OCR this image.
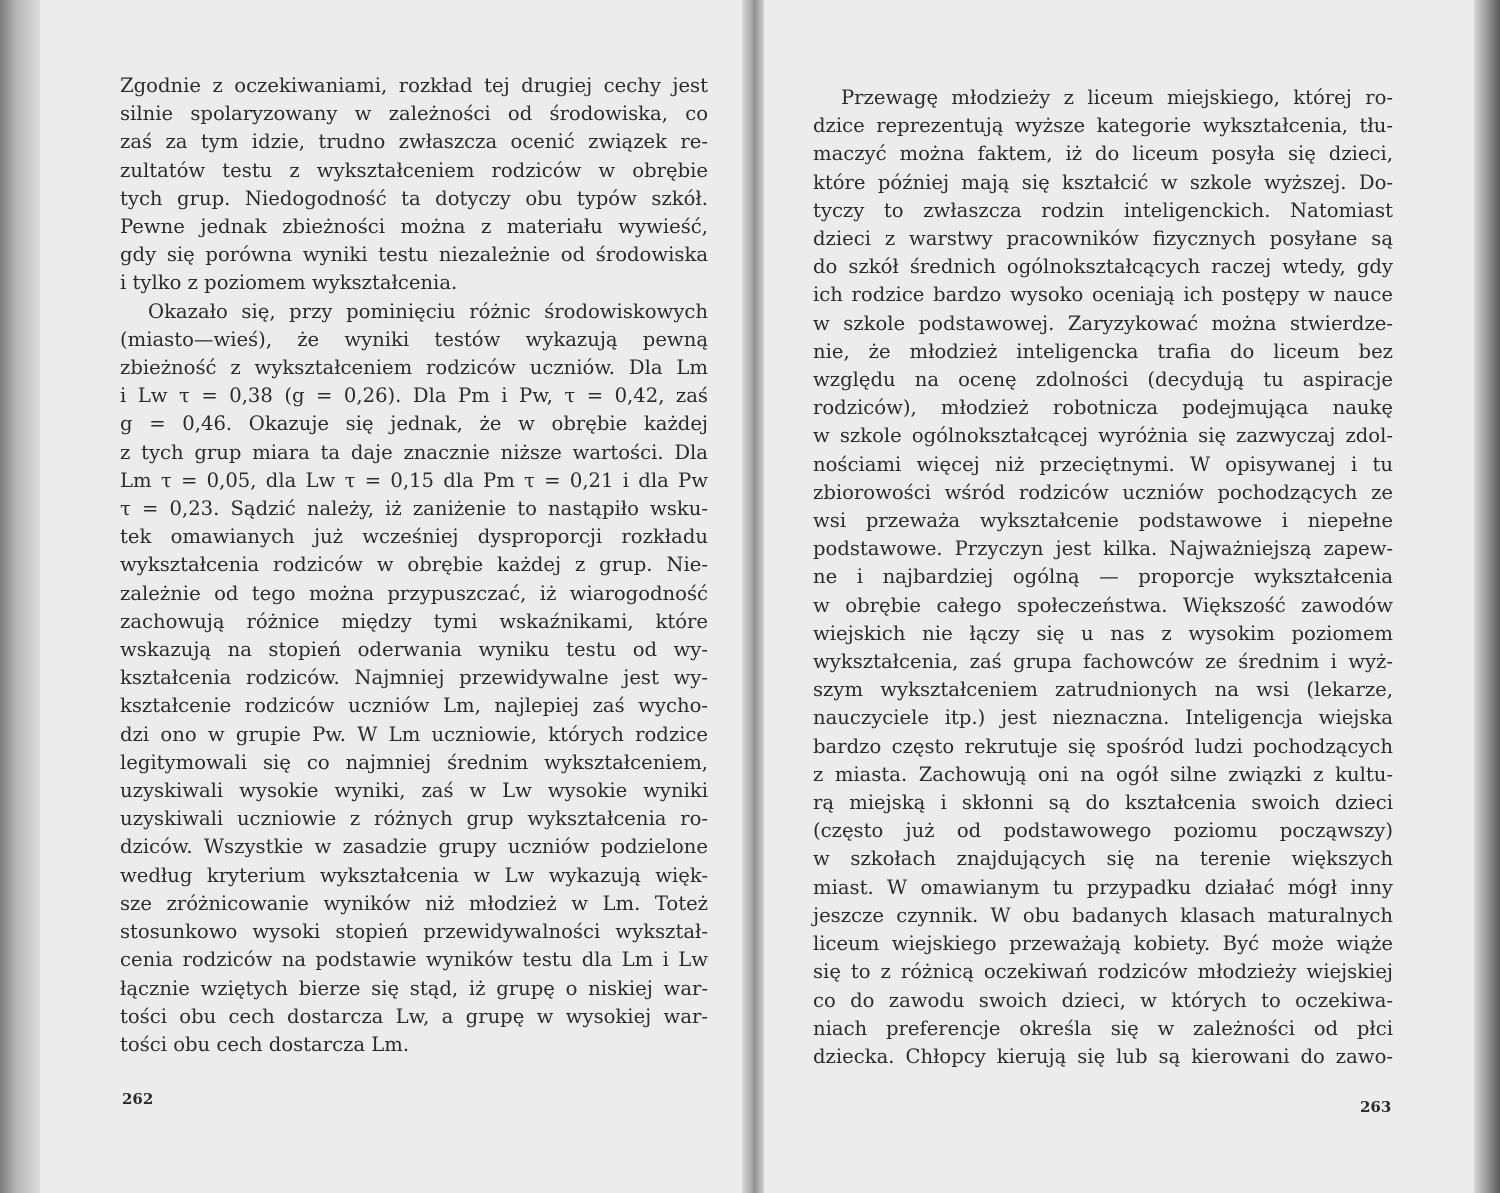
Zgodnie z oczekiwaniami, rozkład tej drugiej cechy jest
silnie spolaryzowany w zależności od środowiska, co
zaś za tym idzie, trudno zwłaszcza ocenić związek re-
zultatów testu z wykształceniem rodziców w obrębie
tych grup. Niedogodność ta dotyczy obu typów szkół.
Pewne jednak zbieżności można z materiału wywieść,
gdy się porówna wyniki testu niezależnie od środowiska
i tylko z poziomem wykształcenia.
Okazało się, przy pominięciu różnic środowiskowych
(miasto—wieś), że wyniki testów wykazują pewną
zbieżność z wykształceniem rodziców uczniów. Dla Lm
i Lw τ = 0,38 (g = 0,26). Dla Pm i Pw, τ = 0,42, zaś
g = 0,46. Okazuje się jednak, że w obrębie każdej
z tych grup miara ta daje znacznie niższe wartości. Dla
Lm τ = 0,05, dla Lw τ = 0,15 dla Pm τ = 0,21 i dla Pw
τ = 0,23. Sądzić należy, iż zaniżenie to nastąpiło wsku-
tek omawianych już wcześniej dysproporcji rozkładu
wykształcenia rodziców w obrębie każdej z grup. Nie-
zależnie od tego można przypuszczać, iż wiarogodność
zachowują różnice między tymi wskaźnikami, które
wskazują na stopień oderwania wyniku testu od wy-
kształcenia rodziców. Najmniej przewidywalne jest wy-
kształcenie rodziców uczniów Lm, najlepiej zaś wycho-
dzi ono w grupie Pw. W Lm uczniowie, których rodzice
legitymowali się co najmniej średnim wykształceniem,
uzyskiwali wysokie wyniki, zaś w Lw wysokie wyniki
uzyskiwali uczniowie z różnych grup wykształcenia ro-
dziców. Wszystkie w zasadzie grupy uczniów podzielone
według kryterium wykształcenia w Lw wykazują więk-
sze zróżnicowanie wyników niż młodzież w Lm. Toteż
stosunkowo wysoki stopień przewidywalności wykształ-
cenia rodziców na podstawie wyników testu dla Lm i Lw
łącznie wziętych bierze się stąd, iż grupę o niskiej war-
tości obu cech dostarcza Lw, a grupę w wysokiej war-
tości obu cech dostarcza Lm.
Przewagę młodzieży z liceum miejskiego, której ro-
dzice reprezentują wyższe kategorie wykształcenia, tłu-
maczyć można faktem, iż do liceum posyła się dzieci,
które później mają się kształcić w szkole wyższej. Do-
tyczy to zwłaszcza rodzin inteligenckich. Natomiast
dzieci z warstwy pracowników fizycznych posyłane są
do szkół średnich ogólnokształcących raczej wtedy, gdy
ich rodzice bardzo wysoko oceniają ich postępy w nauce
w szkole podstawowej. Zaryzykować można stwierdze-
nie, że młodzież inteligencka trafia do liceum bez
względu na ocenę zdolności (decydują tu aspiracje
rodziców), młodzież robotnicza podejmująca naukę
w szkole ogólnokształcącej wyróżnia się zazwyczaj zdol-
nościami więcej niż przeciętnymi. W opisywanej i tu
zbiorowości wśród rodziców uczniów pochodzących ze
wsi przeważa wykształcenie podstawowe i niepełne
podstawowe. Przyczyn jest kilka. Najważniejszą zapew-
ne i najbardziej ogólną — proporcje wykształcenia
w obrębie całego społeczeństwa. Większość zawodów
wiejskich nie łączy się u nas z wysokim poziomem
wykształcenia, zaś grupa fachowców ze średnim i wyż-
szym wykształceniem zatrudnionych na wsi (lekarze,
nauczyciele itp.) jest nieznaczna. Inteligencja wiejska
bardzo często rekrutuje się spośród ludzi pochodzących
z miasta. Zachowują oni na ogół silne związki z kultu-
rą miejską i skłonni są do kształcenia swoich dzieci
(często już od podstawowego poziomu począwszy)
w szkołach znajdujących się na terenie większych
miast. W omawianym tu przypadku działać mógł inny
jeszcze czynnik. W obu badanych klasach maturalnych
liceum wiejskiego przeważają kobiety. Być może wiąże
się to z różnicą oczekiwań rodziców młodzieży wiejskiej
co do zawodu swoich dzieci, w których to oczekiwa-
niach preferencje określa się w zależności od płci
dziecka. Chłopcy kierują się lub są kierowani do zawo-
262	263
